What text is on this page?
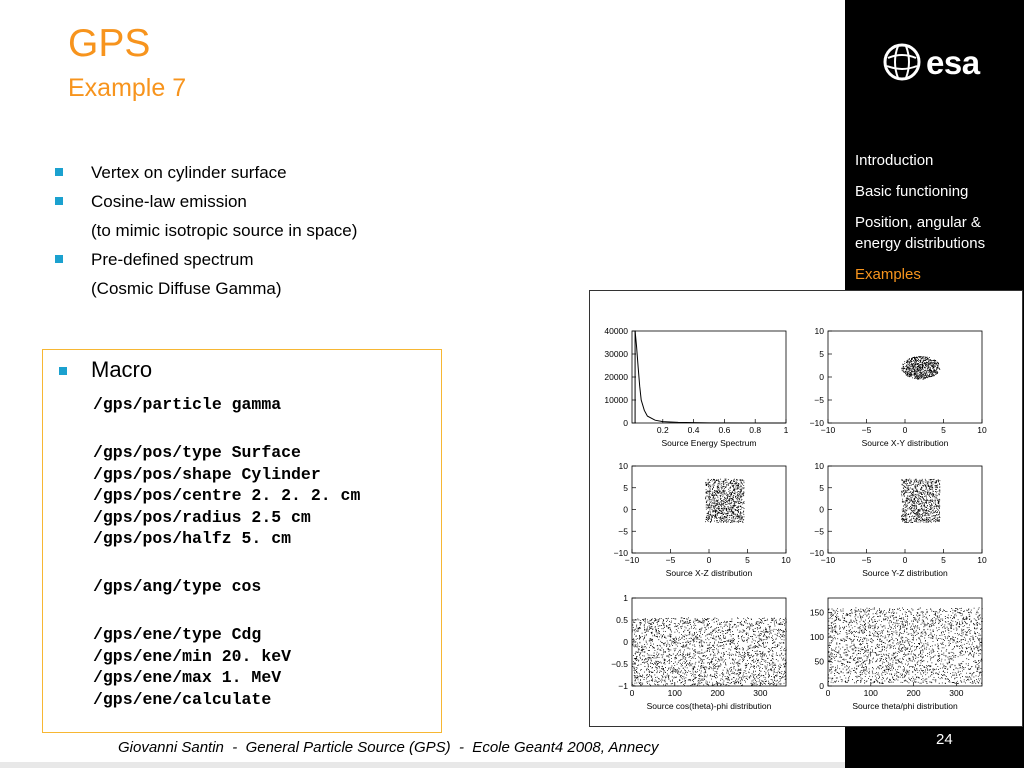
esa
Introduction
Basic functioning
Position, angular & energy distributions
Examples
24
GPS
Example 7
Vertex on cylinder surface
Cosine-law emission
(to mimic isotropic source in space)
Pre-defined spectrum
(Cosmic Diffuse Gamma)
Macro
/gps/particle gamma
/gps/pos/type Surface
/gps/pos/shape Cylinder
/gps/pos/centre 2. 2. 2. cm
/gps/pos/radius 2.5 cm
/gps/pos/halfz 5. cm
/gps/ang/type cos
/gps/ene/type Cdg
/gps/ene/min 20. keV
/gps/ene/max 1. MeV
/gps/ene/calculate
0.2 0.4 0.6 0.8	1
0
10000
20000
30000
40000
Source Energy Spectrum
−10	−5	0	5	10
−10
−5
0
5
10
Source X-Y distribution
−10	−5	0	5	10
−10
−5
0
5
10
Source X-Z distribution
−10	−5	0	5	10
−10
−5
0
5
10
Source Y-Z distribution
0	100	200	300
−1
−0.5
0
0.5
1
Source cos(theta)-phi distribution
0	100	200	300
0
50
100
150
Source theta/phi distribution
Giovanni Santin  -  General Particle Source (GPS)  -  Ecole Geant4 2008, Annecy
